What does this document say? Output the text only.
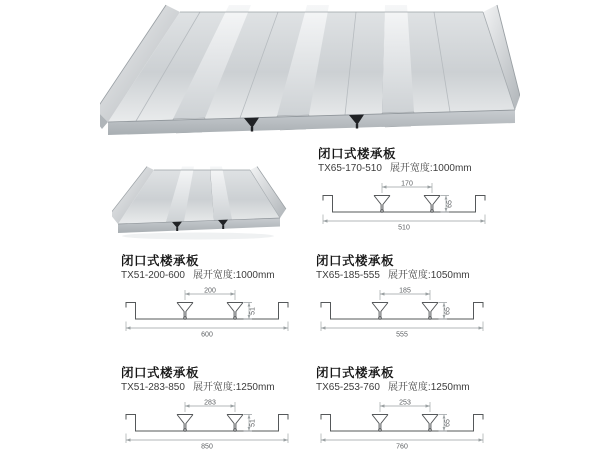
闭口式楼承板
TX65-170-510 展开宽度:1000mm
170
510
65
闭口式楼承板
TX51-200-600 展开宽度:1000mm
200
600
51
闭口式楼承板
TX65-185-555 展开宽度:1050mm
185
555
65
闭口式楼承板
TX51-283-850 展开宽度:1250mm
283
850
51
闭口式楼承板
TX65-253-760 展开宽度:1250mm
253
760
65
